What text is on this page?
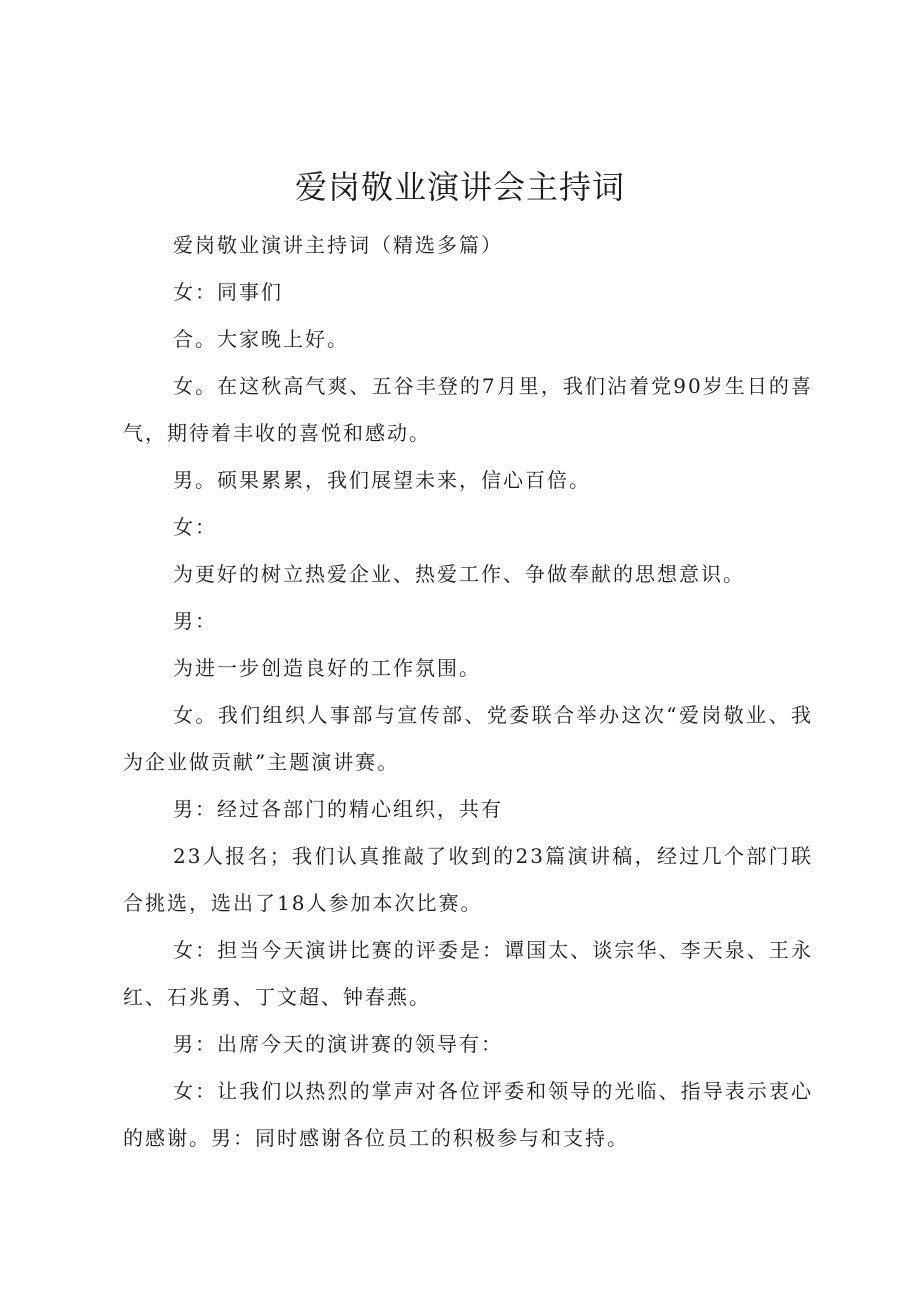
爱岗敬业演讲会主持词

爱岗敬业演讲主持词（精选多篇）

女：同事们

合。大家晚上好。

女。在这秋高气爽、五谷丰登的7月里，我们沾着党90岁生日的喜气，期待着丰收的喜悦和感动。

男。硕果累累，我们展望未来，信心百倍。

女：

为更好的树立热爱企业、热爱工作、争做奉献的思想意识。

男：

为进一步创造良好的工作氛围。

女。我们组织人事部与宣传部、党委联合举办这次“爱岗敬业、我为企业做贡献”主题演讲赛。

男：经过各部门的精心组织，共有

23人报名；我们认真推敲了收到的23篇演讲稿，经过几个部门联合挑选，选出了18人参加本次比赛。

女：担当今天演讲比赛的评委是：谭国太、谈宗华、李天泉、王永红、石兆勇、丁文超、钟春燕。

男：出席今天的演讲赛的领导有：

女：让我们以热烈的掌声对各位评委和领导的光临、指导表示衷心的感谢。男：同时感谢各位员工的积极参与和支持。
